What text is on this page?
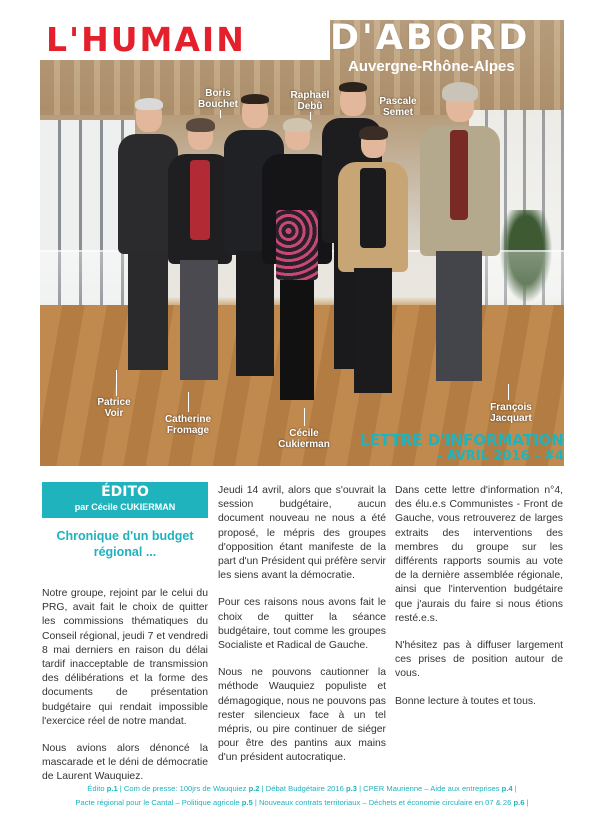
L'HUMAIN	D'ABORD
Auvergne-Rhône-Alpes
Boris
Bouchet
Raphaël
Debû	Pascale
Semet
Patrice
Voir
Catherine
Fromage	Cécile
Cukierman
François
Jacquart
LETTRE D'INFORMATION
- AVRIL 2016 - #4
ÉDITO
par Cécile CUKIERMAN
Chronique d'un budget régional ...

Notre groupe, rejoint par le celui du PRG, avait fait le choix de quitter les commissions thématiques du Conseil régional, jeudi 7 et vendredi 8 mai derniers en raison du délai tardif inacceptable de transmission des délibérations et la forme des documents de présentation budgétaire qui rendait impossible l'exercice réel de notre mandat.

Nous avions alors dénoncé la mascarade et le déni de démocratie de Laurent Wauquiez.

Jeudi 14 avril, alors que s'ouvrait la session budgétaire, aucun document nouveau ne nous a été proposé, le mépris des groupes d'opposition étant manifeste de la part d'un Président qui préfère servir les siens avant la démocratie.

Pour ces raisons nous avons fait le choix de quitter la séance budgétaire, tout comme les groupes Socialiste et Radical de Gauche.

Nous ne pouvons cautionner la méthode Wauquiez populiste et démagogique, nous ne pouvons pas rester silencieux face à un tel mépris, ou pire continuer de siéger pour être des pantins aux mains d'un président autocratique.

Dans cette lettre d'information n°4, des élu.e.s Communistes - Front de Gauche, vous retrouverez de larges extraits des interventions des membres du groupe sur les différents rapports soumis au vote de la dernière assemblée régionale, ainsi que l'intervention budgétaire que j'aurais du faire si nous étions resté.e.s.

N'hésitez pas à diffuser largement ces prises de position autour de vous.

Bonne lecture à toutes et tous.

Édito p.1 | Com de presse: 100jrs de Wauquiez p.2 | Débat Budgétaire 2016 p.3 | CPER Maurienne – Aide aux entreprises p.4 |
Pacte régional pour le Cantal – Politique agricole p.5 | Nouveaux contrats territoriaux – Déchets et économie circulaire en 07 & 26 p.6 |
